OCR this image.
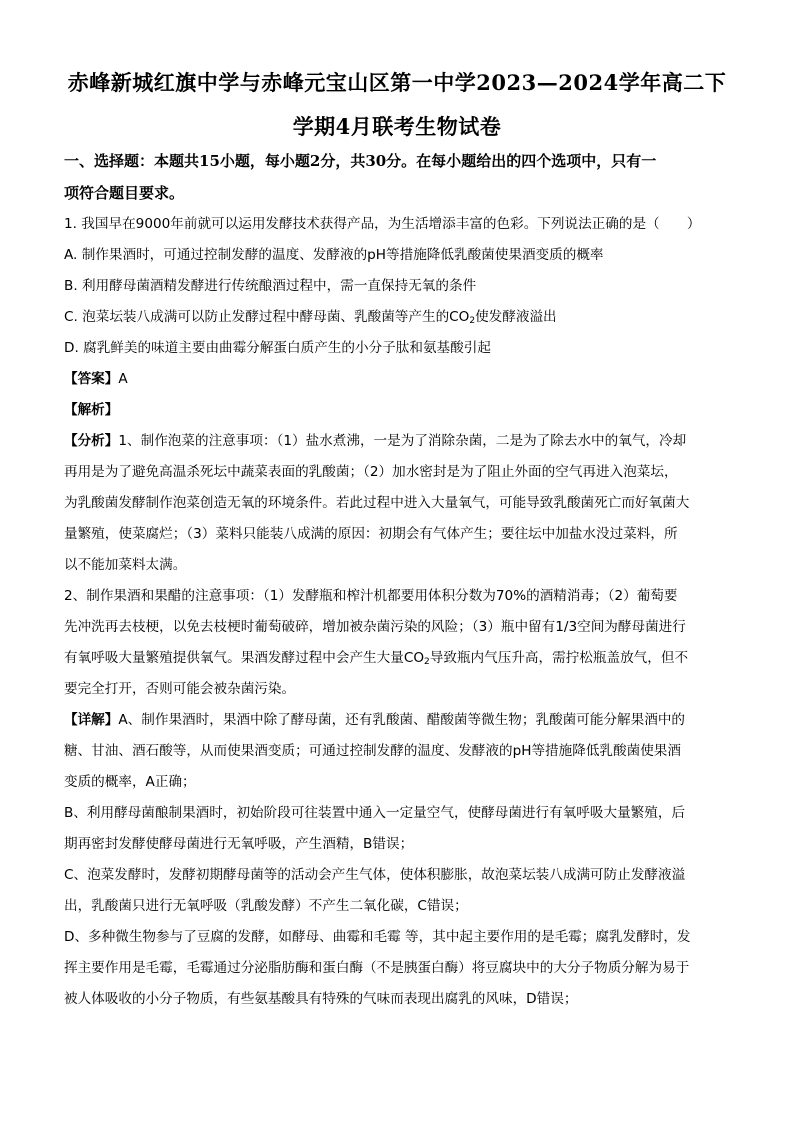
赤峰新城红旗中学与赤峰元宝山区第一中学2023—2024学年高二下
学期4月联考生物试卷
一、选择题：本题共15小题，每小题2分，共30分。在每小题给出的四个选项中，只有一
项符合题目要求。
1. 我国早在9000年前就可以运用发酵技术获得产品，为生活增添丰富的色彩。下列说法正确的是（　　）
A. 制作果酒时，可通过控制发酵的温度、发酵液的pH等措施降低乳酸菌使果酒变质的概率
B. 利用酵母菌酒精发酵进行传统酿酒过程中，需一直保持无氧的条件
C. 泡菜坛装八成满可以防止发酵过程中酵母菌、乳酸菌等产生的$CO_2$使发酵液溢出
D. 腐乳鲜美的味道主要由曲霉分解蛋白质产生的小分子肽和氨基酸引起
【答案】A
【解析】
【分析】1、制作泡菜的注意事项：（1）盐水煮沸，一是为了消除杂菌，二是为了除去水中的氧气，冷却
再用是为了避免高温杀死坛中蔬菜表面的乳酸菌；（2）加水密封是为了阻止外面的空气再进入泡菜坛，
为乳酸菌发酵制作泡菜创造无氧的环境条件。若此过程中进入大量氧气，可能导致乳酸菌死亡而好氧菌大
量繁殖，使菜腐烂；（3）菜料只能装八成满的原因：初期会有气体产生；要往坛中加盐水没过菜料，所
以不能加菜料太满。
2、制作果酒和果醋的注意事项：（1）发酵瓶和榨汁机都要用体积分数为70%的酒精消毒；（2）葡萄要
先冲洗再去枝梗，以免去枝梗时葡萄破碎，增加被杂菌污染的风险；（3）瓶中留有1/3空间为酵母菌进行
有氧呼吸大量繁殖提供氧气。果酒发酵过程中会产生大量$CO_2$导致瓶内气压升高，需拧松瓶盖放气，但不
要完全打开，否则可能会被杂菌污染。
【详解】A、制作果酒时，果酒中除了酵母菌，还有乳酸菌、醋酸菌等微生物；乳酸菌可能分解果酒中的
糖、甘油、酒石酸等，从而使果酒变质；可通过控制发酵的温度、发酵液的pH等措施降低乳酸菌使果酒
变质的概率，A正确；
B、利用酵母菌酿制果酒时，初始阶段可往装置中通入一定量空气，使酵母菌进行有氧呼吸大量繁殖，后
期再密封发酵使酵母菌进行无氧呼吸，产生酒精，B错误；
C、泡菜发酵时，发酵初期酵母菌等的活动会产生气体，使体积膨胀，故泡菜坛装八成满可防止发酵液溢
出，乳酸菌只进行无氧呼吸（乳酸发酵）不产生二氧化碳，C错误；
D、多种微生物参与了豆腐的发酵，如酵母、曲霉和毛霉 等，其中起主要作用的是毛霉；腐乳发酵时，发
挥主要作用是毛霉，毛霉通过分泌脂肪酶和蛋白酶（不是胰蛋白酶）将豆腐块中的大分子物质分解为易于
被人体吸收的小分子物质，有些氨基酸具有特殊的气味而表现出腐乳的风味，D错误；
